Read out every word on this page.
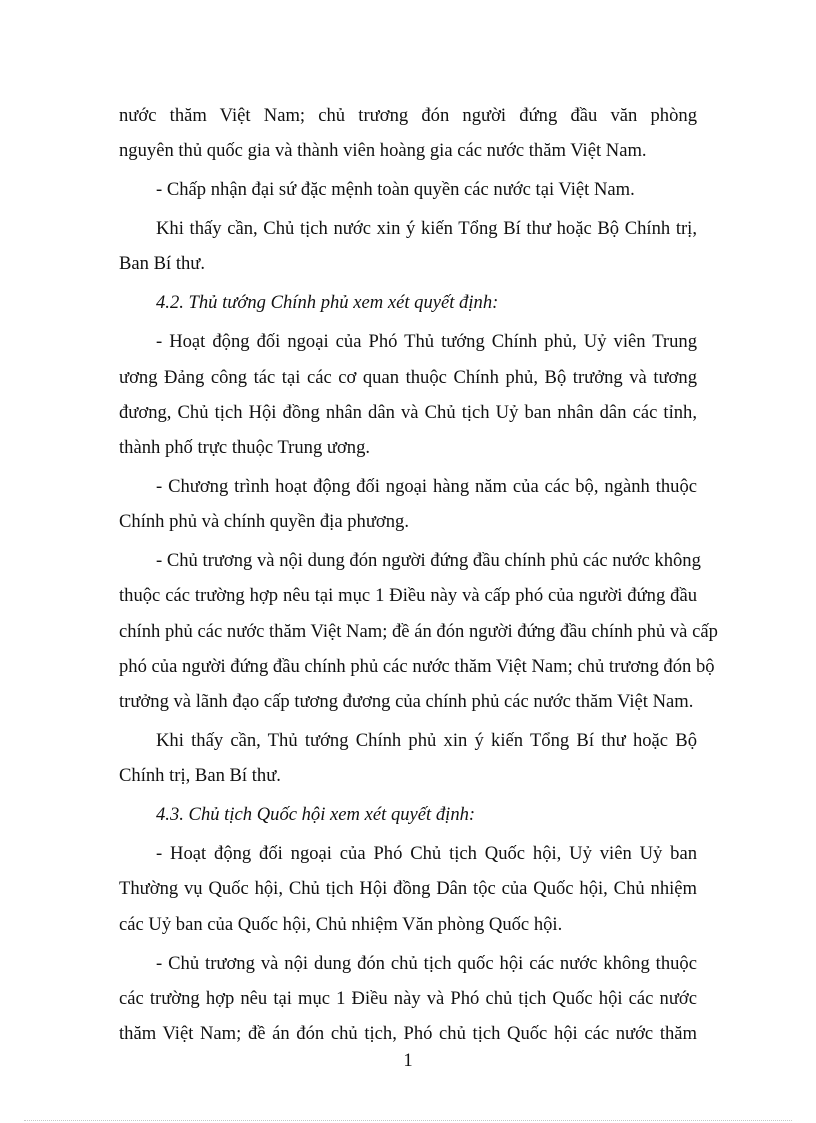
nước thăm Việt Nam; chủ trương đón người đứng đầu văn phòng
nguyên thủ quốc gia và thành viên hoàng gia các nước thăm Việt Nam.

- Chấp nhận đại sứ đặc mệnh toàn quyền các nước tại Việt Nam.

Khi thấy cần, Chủ tịch nước xin ý kiến Tổng Bí thư hoặc Bộ Chính trị,
Ban Bí thư.

4.2. Thủ tướng Chính phủ xem xét quyết định:

- Hoạt động đối ngoại của Phó Thủ tướng Chính phủ, Uỷ viên Trung
ương Đảng công tác tại các cơ quan thuộc Chính phủ, Bộ trưởng và tương
đương, Chủ tịch Hội đồng nhân dân và Chủ tịch Uỷ ban nhân dân các tỉnh,
thành phố trực thuộc Trung ương.

- Chương trình hoạt động đối ngoại hàng năm của các bộ, ngành thuộc
Chính phủ và chính quyền địa phương.

- Chủ trương và nội dung đón người đứng đầu chính phủ các nước không
thuộc các trường hợp nêu tại mục 1 Điều này và cấp phó của người đứng đầu
chính phủ các nước thăm Việt Nam; đề án đón người đứng đầu chính phủ và cấp
phó của người đứng đầu chính phủ các nước thăm Việt Nam; chủ trương đón bộ
trưởng và lãnh đạo cấp tương đương của chính phủ các nước thăm Việt Nam.

Khi thấy cần, Thủ tướng Chính phủ xin ý kiến Tổng Bí thư hoặc Bộ
Chính trị, Ban Bí thư.

4.3. Chủ tịch Quốc hội xem xét quyết định:

- Hoạt động đối ngoại của Phó Chủ tịch Quốc hội, Uỷ viên Uỷ ban
Thường vụ Quốc hội, Chủ tịch Hội đồng Dân tộc của Quốc hội, Chủ nhiệm
các Uỷ ban của Quốc hội, Chủ nhiệm Văn phòng Quốc hội.

- Chủ trương và nội dung đón chủ tịch quốc hội các nước không thuộc
các trường hợp nêu tại mục 1 Điều này và Phó chủ tịch Quốc hội các nước
thăm Việt Nam; đề án đón chủ tịch, Phó chủ tịch Quốc hội các nước thăm

1
